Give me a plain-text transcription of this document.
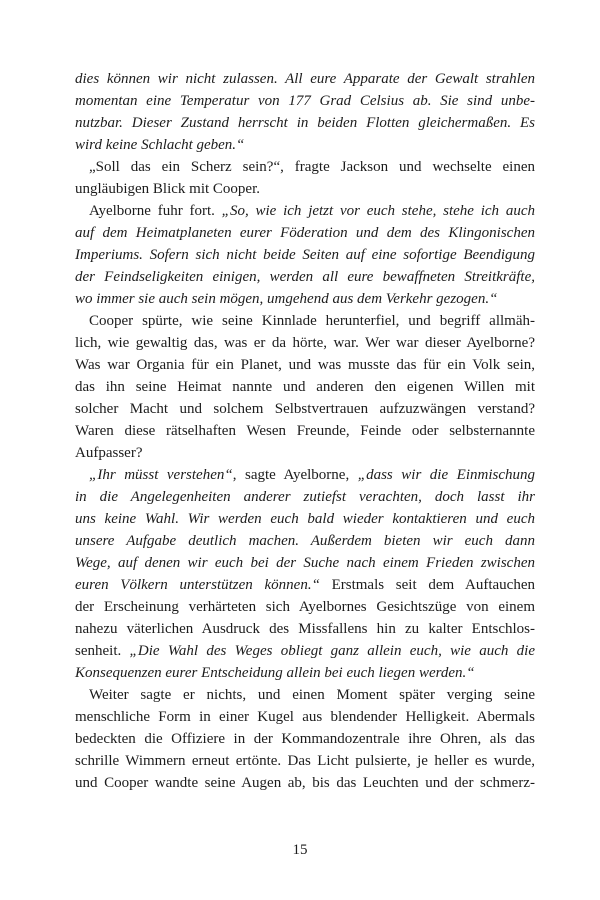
dies können wir nicht zulassen. All eure Apparate der Gewalt strahlen
momentan eine Temperatur von 177 Grad Celsius ab. Sie sind unbe-
nutzbar. Dieser Zustand herrscht in beiden Flotten gleichermaßen. Es
wird keine Schlacht geben.“
„Soll das ein Scherz sein?“, fragte Jackson und wechselte einen
ungläubigen Blick mit Cooper.
Ayelborne fuhr fort. „So, wie ich jetzt vor euch stehe, stehe ich auch
auf dem Heimatplaneten eurer Föderation und dem des Klingonischen
Imperiums. Sofern sich nicht beide Seiten auf eine sofortige Beendigung
der Feindseligkeiten einigen, werden all eure bewaffneten Streitkräfte,
wo immer sie auch sein mögen, umgehend aus dem Verkehr gezogen.“
Cooper spürte, wie seine Kinnlade herunterfiel, und begriff allmäh-
lich, wie gewaltig das, was er da hörte, war. Wer war dieser Ayelborne?
Was war Organia für ein Planet, und was musste das für ein Volk sein,
das ihn seine Heimat nannte und anderen den eigenen Willen mit
solcher Macht und solchem Selbstvertrauen aufzuzwängen verstand?
Waren diese rätselhaften Wesen Freunde, Feinde oder selbsternannte
Aufpasser?
„Ihr müsst verstehen“, sagte Ayelborne, „dass wir die Einmischung
in die Angelegenheiten anderer zutiefst verachten, doch lasst ihr
uns keine Wahl. Wir werden euch bald wieder kontaktieren und euch
unsere Aufgabe deutlich machen. Außerdem bieten wir euch dann
Wege, auf denen wir euch bei der Suche nach einem Frieden zwischen
euren Völkern unterstützen können.“ Erstmals seit dem Auftauchen
der Erscheinung verhärteten sich Ayelbornes Gesichtszüge von einem
nahezu väterlichen Ausdruck des Missfallens hin zu kalter Entschlos-
senheit. „Die Wahl des Weges obliegt ganz allein euch, wie auch die
Konsequenzen eurer Entscheidung allein bei euch liegen werden.“
Weiter sagte er nichts, und einen Moment später verging seine
menschliche Form in einer Kugel aus blendender Helligkeit. Abermals
bedeckten die Offiziere in der Kommandozentrale ihre Ohren, als das
schrille Wimmern erneut ertönte. Das Licht pulsierte, je heller es wurde,
und Cooper wandte seine Augen ab, bis das Leuchten und der schmerz-
15
